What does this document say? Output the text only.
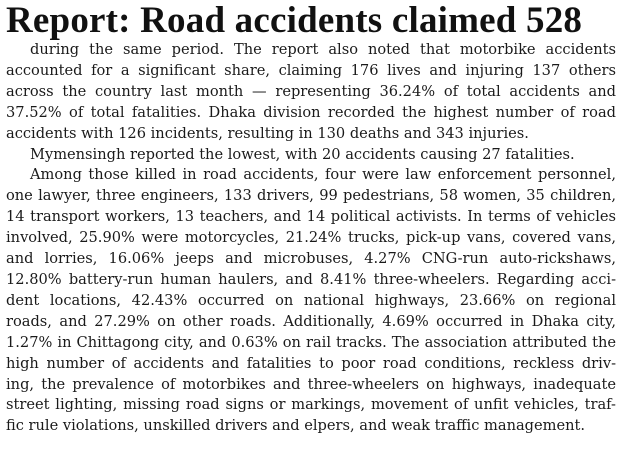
Report: Road accidents claimed 528
during the same period. The report also noted that motorbike accidents
accounted for a significant share, claiming 176 lives and injuring 137 others
across the country last month — representing 36.24% of total accidents and
37.52% of total fatalities. Dhaka division recorded the highest number of road
accidents with 126 incidents, resulting in 130 deaths and 343 injuries.
Mymensingh reported the lowest, with 20 accidents causing 27 fatalities.
Among those killed in road accidents, four were law enforcement personnel,
one lawyer, three engineers, 133 drivers, 99 pedestrians, 58 women, 35 children,
14 transport workers, 13 teachers, and 14 political activists. In terms of vehicles
involved, 25.90% were motorcycles, 21.24% trucks, pick-up vans, covered vans,
and lorries, 16.06% jeeps and microbuses, 4.27% CNG-run auto-rickshaws,
12.80% battery-run human haulers, and 8.41% three-wheelers. Regarding acci-
dent locations, 42.43% occurred on national highways, 23.66% on regional
roads, and 27.29% on other roads. Additionally, 4.69% occurred in Dhaka city,
1.27% in Chittagong city, and 0.63% on rail tracks. The association attributed the
high number of accidents and fatalities to poor road conditions, reckless driv-
ing, the prevalence of motorbikes and three-wheelers on highways, inadequate
street lighting, missing road signs or markings, movement of unfit vehicles, traf-
fic rule violations, unskilled drivers and elpers, and weak traffic management.
